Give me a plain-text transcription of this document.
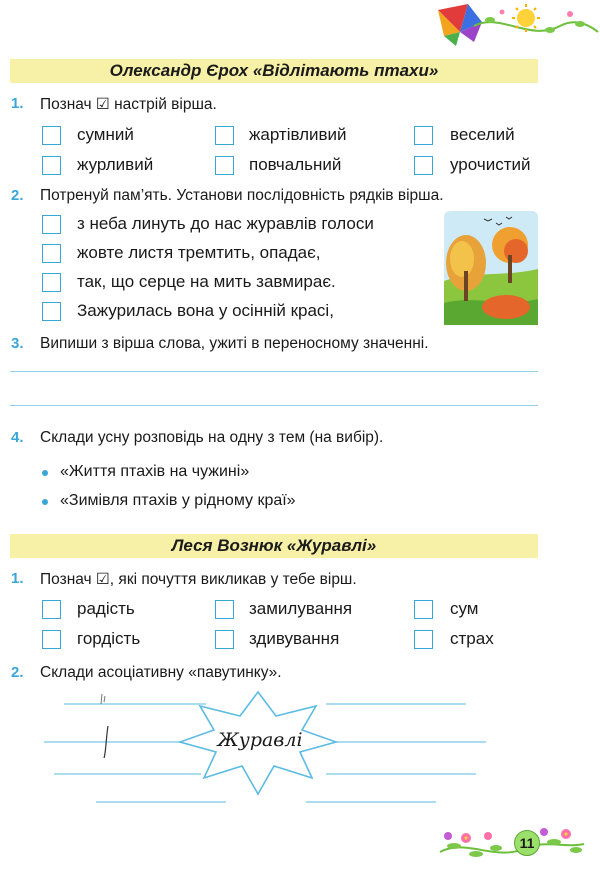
Олександр Єрох «Відлітають птахи»
1. Познач ☑ настрій вірша.
сумний	жартівливий	веселий
журливий	повчальний	урочистий
2. Потренуй пам’ять. Установи послідовність рядків вірша.
з неба линуть до нас журавлів голоси
жовте листя тремтить, опадає,
так, що серце на мить завмирає.
Зажурилась вона у осінній красі,
3. Випиши з вірша слова, ужиті в переносному значенні.
4. Склади усну розповідь на одну з тем (на вибір).
«Життя птахів на чужині»
«Зимівля птахів у рідному краї»
Леся Вознюк «Журавлі»
1. Познач ☑, які почуття викликав у тебе вірш.
радість	замилування	сум
гордість	здивування	страх
2. Склади асоціативну «павутинку».
Журавлі
11
